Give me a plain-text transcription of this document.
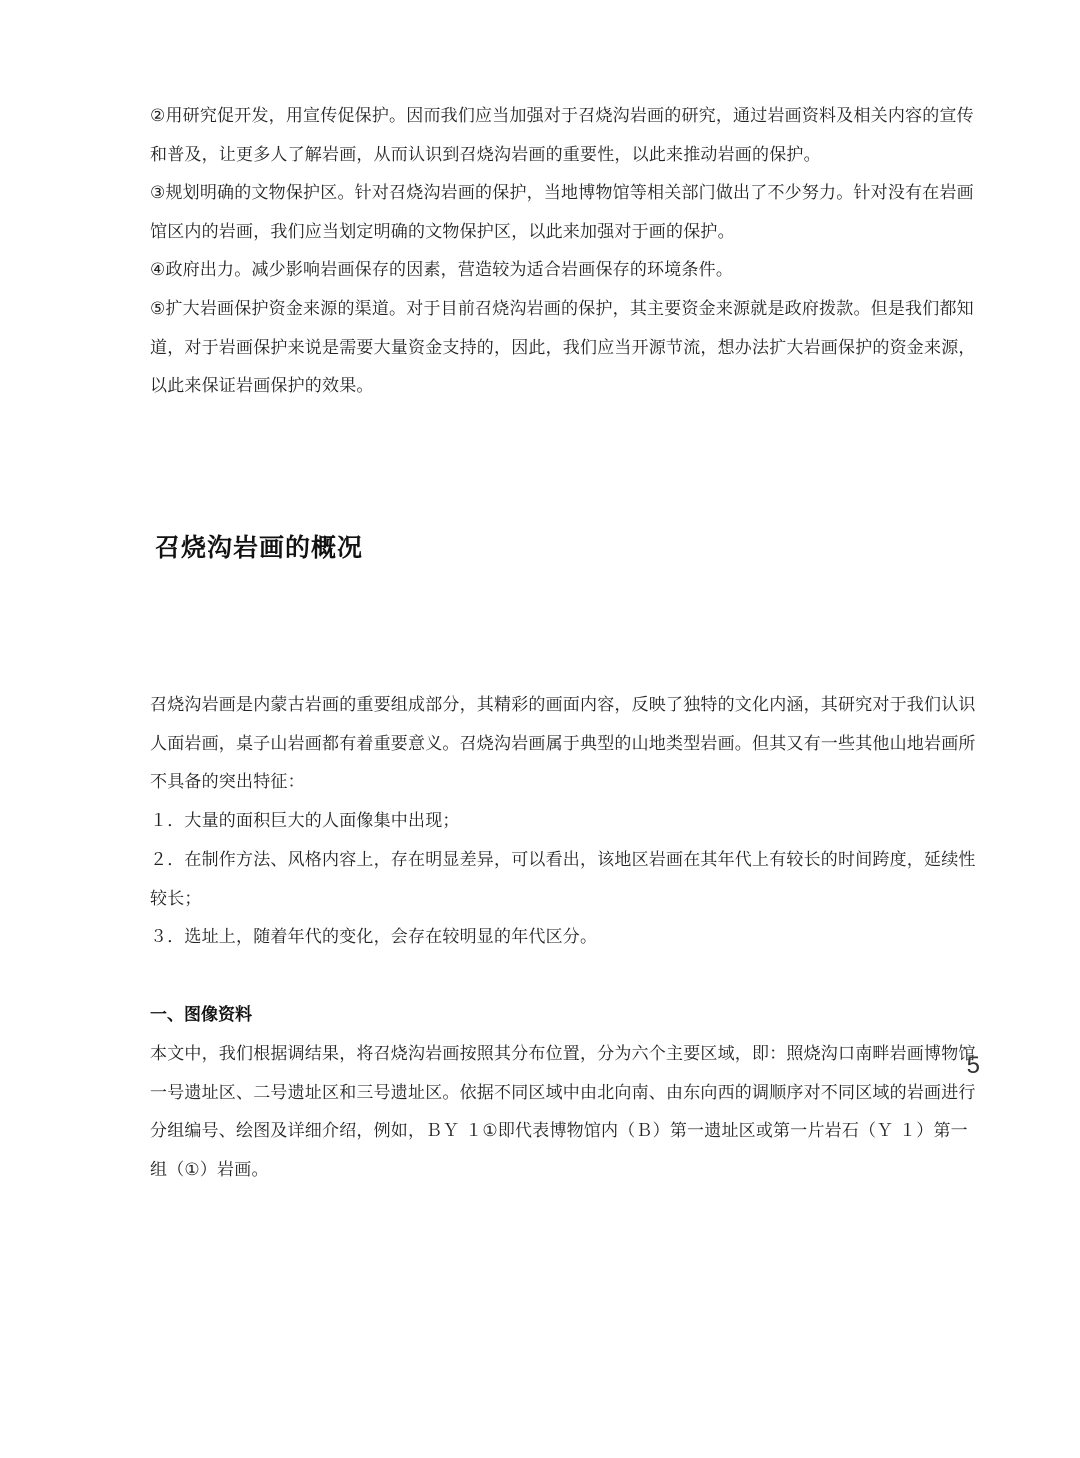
②用研究促开发，用宣传促保护。因而我们应当加强对于召烧沟岩画的研究，通过岩画资料及相关内容的宣传和普及，让更多人了解岩画，从而认识到召烧沟岩画的重要性，以此来推动岩画的保护。

③规划明确的文物保护区。针对召烧沟岩画的保护，当地博物馆等相关部门做出了不少努力。针对没有在岩画馆区内的岩画，我们应当划定明确的文物保护区，以此来加强对于画的保护。

④政府出力。减少影响岩画保存的因素，营造较为适合岩画保存的环境条件。

⑤扩大岩画保护资金来源的渠道。对于目前召烧沟岩画的保护，其主要资金来源就是政府拨款。但是我们都知道，对于岩画保护来说是需要大量资金支持的，因此，我们应当开源节流，想办法扩大岩画保护的资金来源，以此来保证岩画保护的效果。

召烧沟岩画的概况

召烧沟岩画是内蒙古岩画的重要组成部分，其精彩的画面内容，反映了独特的文化内涵，其研究对于我们认识人面岩画，桌子山岩画都有着重要意义。召烧沟岩画属于典型的山地类型岩画。但其又有一些其他山地岩画所不具备的突出特征：

１．大量的面积巨大的人面像集中出现；

２．在制作方法、风格内容上，存在明显差异，可以看出，该地区岩画在其年代上有较长的时间跨度，延续性较长；

３．选址上，随着年代的变化，会存在较明显的年代区分。

一、图像资料

本文中，我们根据调结果，将召烧沟岩画按照其分布位置，分为六个主要区域，即：照烧沟口南畔岩画博物馆一号遗址区、二号遗址区和三号遗址区。依据不同区域中由北向南、由东向西的调顺序对不同区域的岩画进行分组编号、绘图及详细介绍，例如，ＢＹ １①即代表博物馆内（Ｂ）第一遗址区或第一片岩石（Ｙ １）第一组（①）岩画。

5
